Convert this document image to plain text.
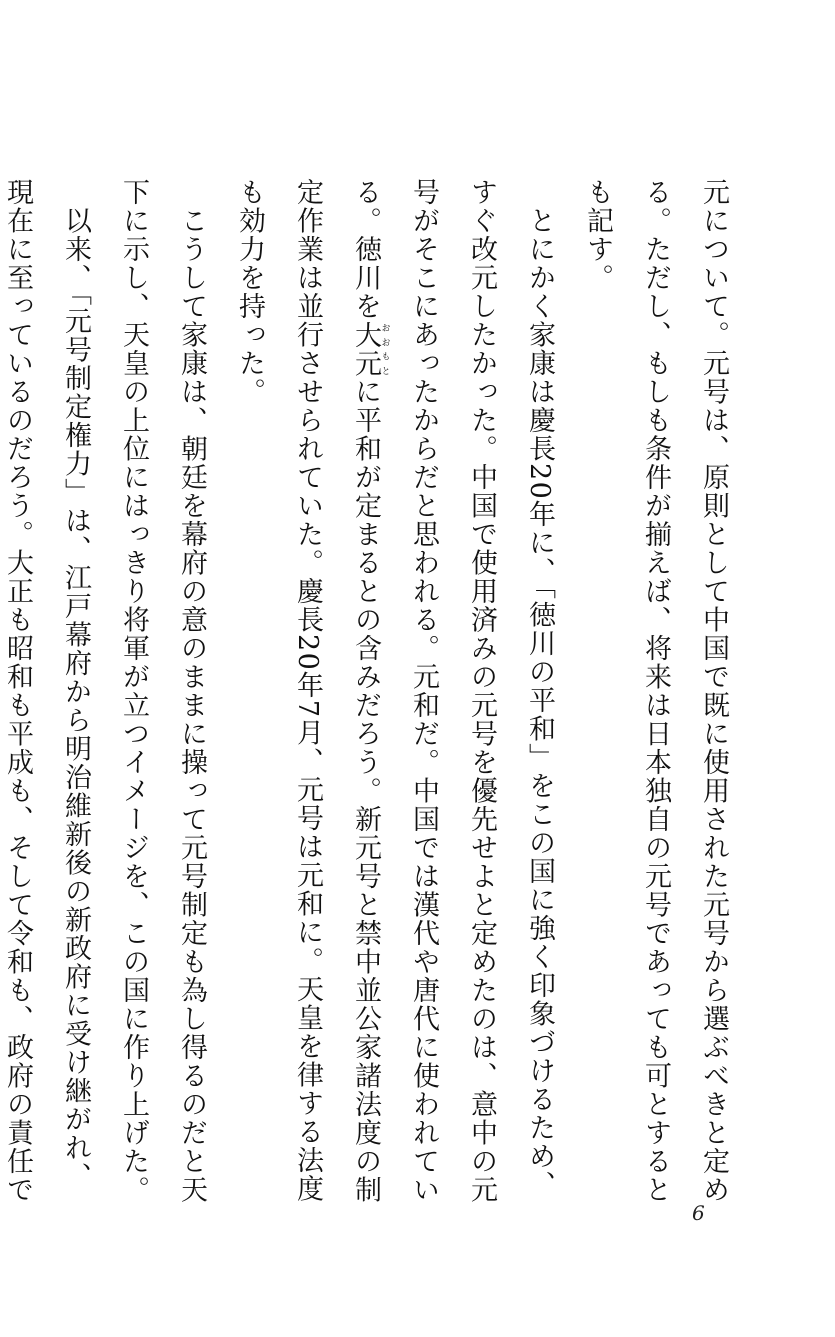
元について。元号は、原則として中国で既に使用された元号から選ぶべきと定める。ただし、もしも条件が揃えば、将来は日本独自の元号であっても可とするとも記す。

　とにかく家康は慶長20年に、「徳川の平和」をこの国に強く印象づけるため、すぐ改元したかった。中国で使用済みの元号を優先せよと定めたのは、意中の元号がそこにあったからだと思われる。元和だ。中国では漢代や唐代に使われている。徳川を大元おおもとに平和が定まるとの含みだろう。新元号と禁中並公家諸法度の制定作業は並行させられていた。慶長20年7月、元号は元和に。天皇を律する法度も効力を持った。

　こうして家康は、朝廷を幕府の意のままに操って元号制定も為し得るのだと天下に示し、天皇の上位にはっきり将軍が立つイメージを、この国に作り上げた。

　以来、「元号制定権力」は、江戸幕府から明治維新後の新政府に受け継がれ、現在に至っているのだろう。大正も昭和も平成も、そして令和も、政府の責任で

6
